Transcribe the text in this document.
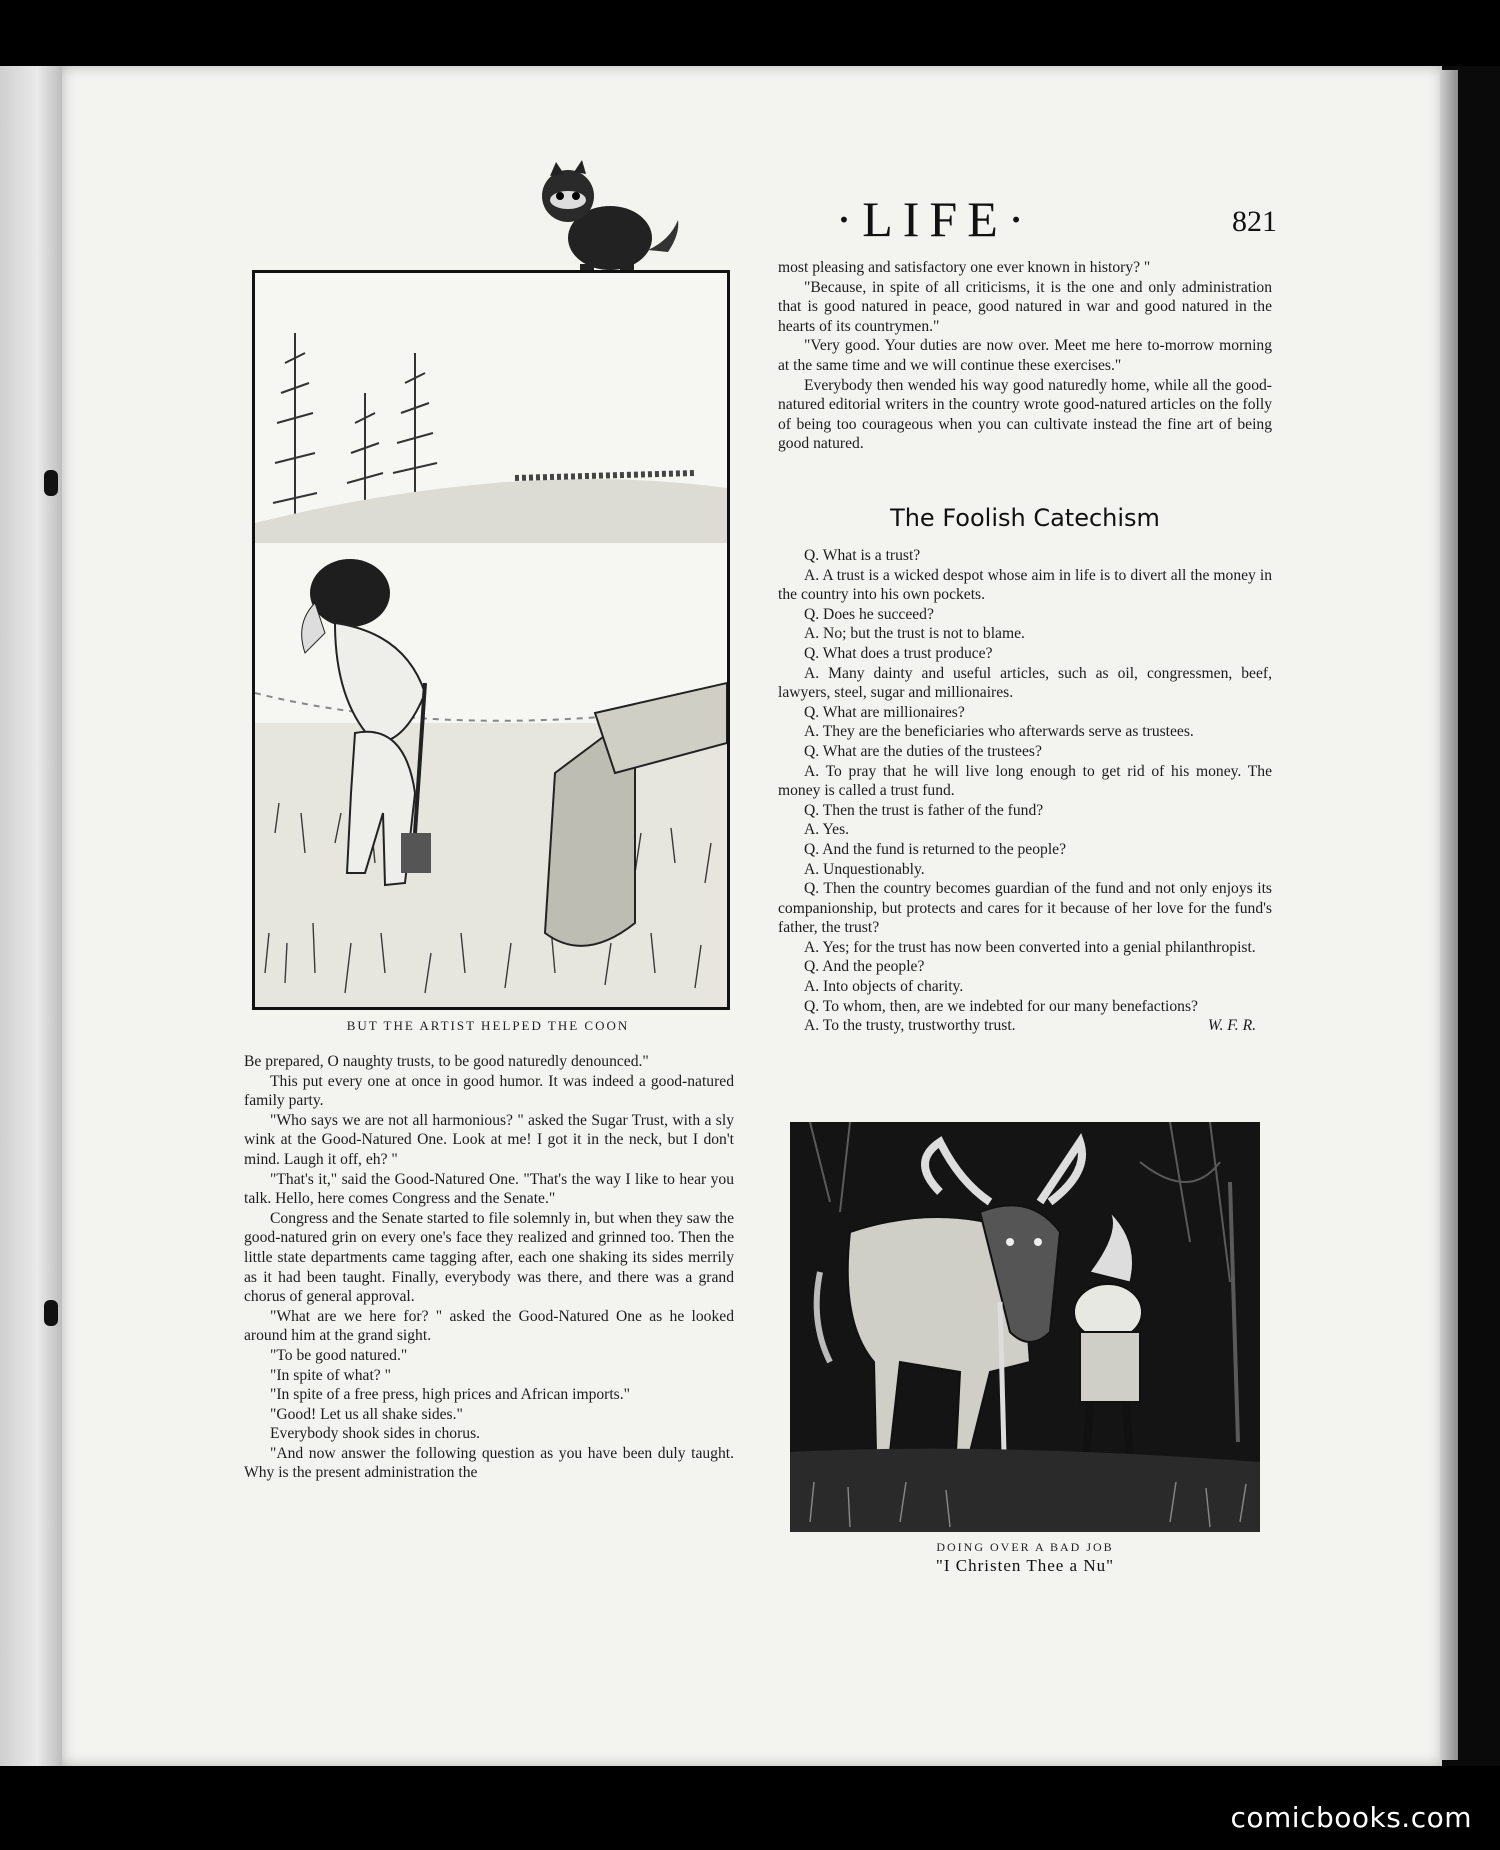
·LIFE·	821
BUT THE ARTIST HELPED THE COON

Be prepared, O naughty trusts, to be good naturedly denounced."

This put every one at once in good humor. It was indeed a good-natured family party.

"Who says we are not all harmonious? " asked the Sugar Trust, with a sly wink at the Good-Natured One. Look at me! I got it in the neck, but I don't mind. Laugh it off, eh? "

"That's it," said the Good-Natured One. "That's the way I like to hear you talk. Hello, here comes Congress and the Senate."

Congress and the Senate started to file solemnly in, but when they saw the good-natured grin on every one's face they realized and grinned too. Then the little state departments came tagging after, each one shaking its sides merrily as it had been taught. Finally, everybody was there, and there was a grand chorus of general approval.

"What are we here for? " asked the Good-Natured One as he looked around him at the grand sight.

"To be good natured."

"In spite of what? "

"In spite of a free press, high prices and African imports."

"Good! Let us all shake sides."

Everybody shook sides in chorus.

"And now answer the following question as you have been duly taught. Why is the present administration the

most pleasing and satisfactory one ever known in history? "

"Because, in spite of all criticisms, it is the one and only administration that is good natured in peace, good natured in war and good natured in the hearts of its countrymen."

"Very good. Your duties are now over. Meet me here to-morrow morning at the same time and we will continue these exercises."

Everybody then wended his way good naturedly home, while all the good-natured editorial writers in the country wrote good-natured articles on the folly of being too courageous when you can cultivate instead the fine art of being good natured.

The Foolish Catechism

Q. What is a trust?

A. A trust is a wicked despot whose aim in life is to divert all the money in the country into his own pockets.

Q. Does he succeed?

A. No; but the trust is not to blame.

Q. What does a trust produce?

A. Many dainty and useful articles, such as oil, congressmen, beef, lawyers, steel, sugar and millionaires.

Q. What are millionaires?

A. They are the beneficiaries who afterwards serve as trustees.

Q. What are the duties of the trustees?

A. To pray that he will live long enough to get rid of his money. The money is called a trust fund.

Q. Then the trust is father of the fund?

A. Yes.

Q. And the fund is returned to the people?

A. Unquestionably.

Q. Then the country becomes guardian of the fund and not only enjoys its companionship, but protects and cares for it because of her love for the fund's father, the trust?

A. Yes; for the trust has now been converted into a genial philanthropist.

Q. And the people?

A. Into objects of charity.

Q. To whom, then, are we indebted for our many benefactions?

A. To the trusty, trustworthy trust.	W. F. R.

DOING OVER A BAD JOB
"I Christen Thee a Nu"
comicbooks.com
